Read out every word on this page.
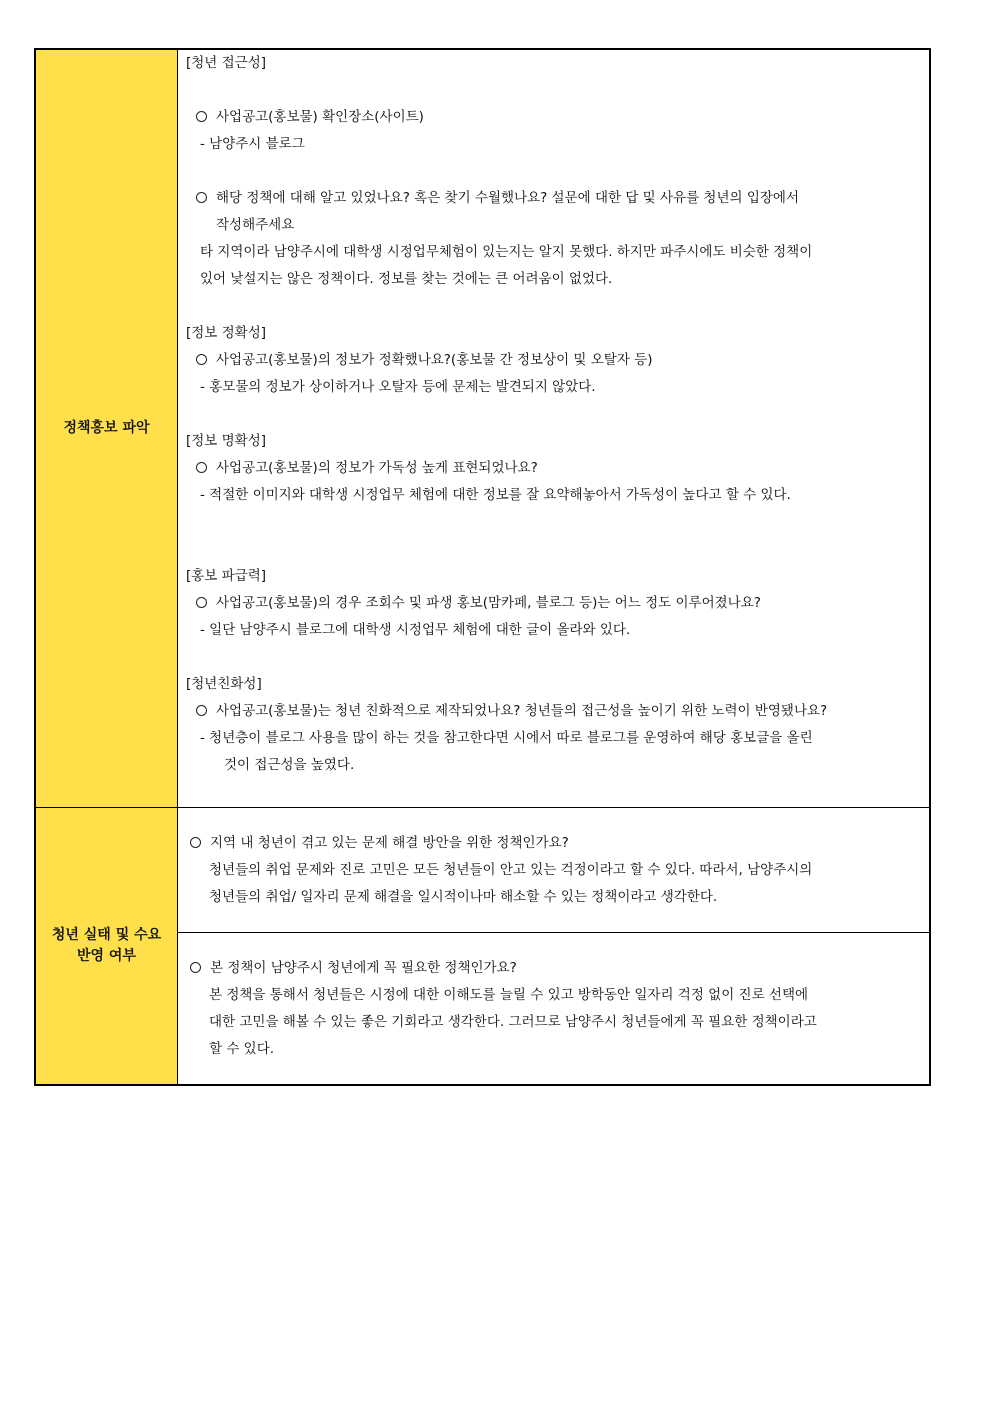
정책홍보 파악
[청년 접근성]
사업공고(홍보물) 확인장소(사이트)
- 남양주시 블로그
해당 정책에 대해 알고 있었나요? 혹은 찾기 수월했나요? 설문에 대한 답 및 사유를 청년의 입장에서
작성해주세요
타 지역이라 남양주시에 대학생 시정업무체험이 있는지는 알지 못했다. 하지만 파주시에도 비슷한 정책이
있어 낯설지는 않은 정책이다. 정보를 찾는 것에는 큰 어려움이 없었다.
[정보 정확성]
사업공고(홍보물)의 정보가 정확했나요?(홍보물 간 정보상이 및 오탈자 등)
- 홍모물의 정보가 상이하거나 오탈자 등에 문제는 발견되지 않았다.
[정보 명확성]
사업공고(홍보물)의 정보가 가독성 높게 표현되었나요?
- 적절한 이미지와 대학생 시정업무 체험에 대한 정보를 잘 요약해놓아서 가독성이 높다고 할 수 있다.
[홍보 파급력]
사업공고(홍보물)의 경우 조회수 및 파생 홍보(맘카페, 블로그 등)는 어느 정도 이루어졌나요?
- 일단 남양주시 블로그에 대학생 시정업무 체험에 대한 글이 올라와 있다.
[청년친화성]
사업공고(홍보물)는 청년 친화적으로 제작되었나요? 청년들의 접근성을 높이기 위한 노력이 반영됐나요?
- 청년층이 블로그 사용을 많이 하는 것을 참고한다면 시에서 따로 블로그를 운영하여 해당 홍보글을 올린
것이 접근성을 높였다.
청년 실태 및 수요
반영 여부
지역 내 청년이 겪고 있는 문제 해결 방안을 위한 정책인가요?
청년들의 취업 문제와 진로 고민은 모든 청년들이 안고 있는 걱정이라고 할 수 있다. 따라서, 남양주시의
청년들의 취업/ 일자리 문제 해결을 일시적이나마 해소할 수 있는 정책이라고 생각한다.
본 정책이 남양주시 청년에게 꼭 필요한 정책인가요?
본 정책을 통해서 청년들은 시정에 대한 이해도를 늘릴 수 있고 방학동안 일자리 걱정 없이 진로 선택에
대한 고민을 해볼 수 있는 좋은 기회라고 생각한다. 그러므로 남양주시 청년들에게 꼭 필요한 정책이라고
할 수 있다.
